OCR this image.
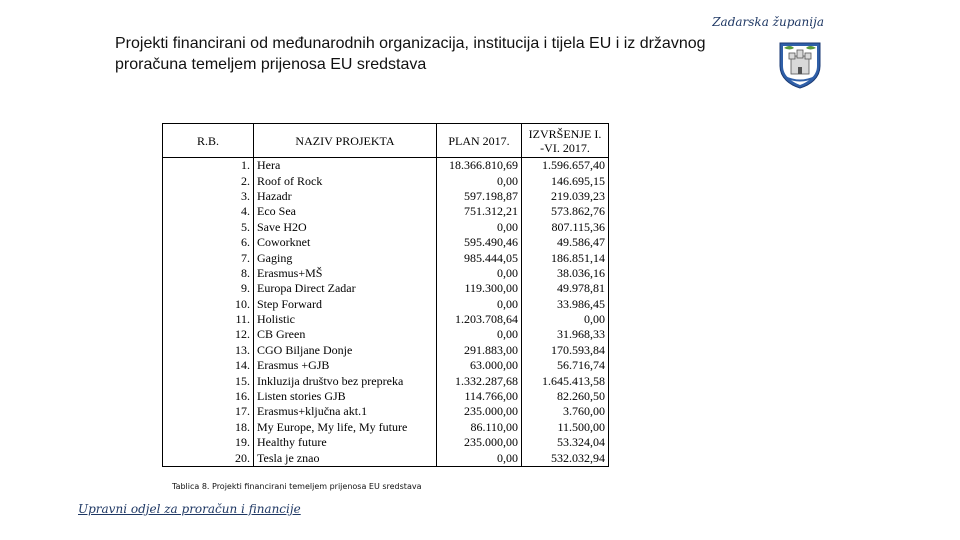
Zadarska županija
Projekti financirani od međunarodnih organizacija, institucija i tijela EU i iz državnog proračuna temeljem prijenosa EU sredstava
R.B.	NAZIV PROJEKTA	PLAN 2017.	IZVRŠENJE I.
-VI. 2017.
1.	Hera	18.366.810,69	1.596.657,40
2.	Roof of Rock	0,00	146.695,15
3.	Hazadr	597.198,87	219.039,23
4.	Eco Sea	751.312,21	573.862,76
5.	Save H2O	0,00	807.115,36
6.	Coworknet	595.490,46	49.586,47
7.	Gaging	985.444,05	186.851,14
8.	Erasmus+MŠ	0,00	38.036,16
9.	Europa Direct Zadar	119.300,00	49.978,81
10.	Step Forward	0,00	33.986,45
11.	Holistic	1.203.708,64	0,00
12.	CB Green	0,00	31.968,33
13.	CGO Biljane Donje	291.883,00	170.593,84
14.	Erasmus +GJB	63.000,00	56.716,74
15.	Inkluzija društvo bez prepreka	1.332.287,68	1.645.413,58
16.	Listen stories GJB	114.766,00	82.260,50
17.	Erasmus+ključna akt.1	235.000,00	3.760,00
18.	My Europe, My life, My future	86.110,00	11.500,00
19.	Healthy future	235.000,00	53.324,04
20.	Tesla je znao	0,00	532.032,94
Tablica 8. Projekti financirani temeljem prijenosa EU sredstava
Upravni odjel za proračun i financije
